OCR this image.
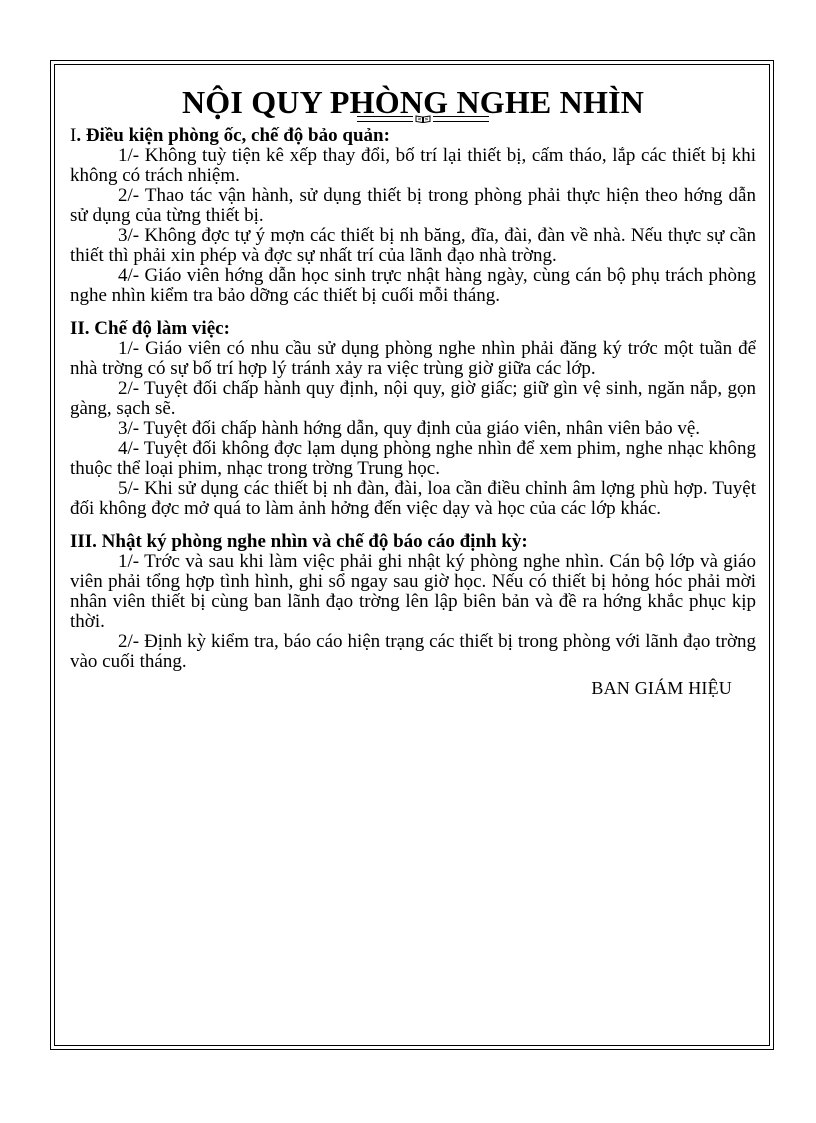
NỘI QUY PHÒNG NGHE NHÌN
I. Điều kiện phòng ốc, chế độ bảo quản:

1/- Không tuỳ tiện kê xếp thay đổi, bố trí lại thiết bị, cấm tháo, lắp các thiết bị khi không có trách nhiệm.

2/- Thao tác vận hành, sử dụng thiết bị trong phòng phải thực hiện theo hớng dẫn sử dụng của từng thiết bị.

3/- Không đợc tự ý mợn các thiết bị nh băng, đĩa, đài, đàn về nhà. Nếu thực sự cần thiết thì phải xin phép và đợc sự nhất trí của lãnh đạo nhà trờng.

4/- Giáo viên hớng dẫn học sinh trực nhật hàng ngày, cùng cán bộ phụ trách phòng nghe nhìn kiểm tra bảo dỡng các thiết bị cuối mỗi tháng.

II. Chế độ làm việc:

1/- Giáo viên có nhu cầu sử dụng phòng nghe nhìn phải đăng ký trớc một tuần để nhà trờng có sự bố trí hợp lý tránh xảy ra việc trùng giờ giữa các lớp.

2/- Tuyệt đối chấp hành quy định, nội quy, giờ giấc; giữ gìn vệ sinh, ngăn nắp, gọn gàng, sạch sẽ.

3/- Tuyệt đối chấp hành hớng dẫn, quy định của giáo viên, nhân viên bảo vệ.

4/- Tuyệt đối không đợc lạm dụng phòng nghe nhìn để xem phim, nghe nhạc không thuộc thể loại phim, nhạc trong trờng Trung học.

5/- Khi sử dụng các thiết bị nh đàn, đài, loa cần điều chỉnh âm lợng phù hợp. Tuyệt đối không đợc mở quá to làm ảnh hởng đến việc dạy và học của các lớp khác.

III. Nhật ký phòng nghe nhìn và chế độ báo cáo định kỳ:

1/- Trớc và sau khi làm việc phải ghi nhật ký phòng nghe nhìn. Cán bộ lớp và giáo viên phải tổng hợp tình hình, ghi sổ ngay sau giờ học. Nếu có thiết bị hỏng hóc phải mời nhân viên thiết bị cùng ban lãnh đạo trờng lên lập biên bản và đề ra hớng khắc phục kịp thời.

2/- Định kỳ kiểm tra, báo cáo hiện trạng các thiết bị trong phòng với lãnh đạo trờng vào cuối tháng.

BAN GIÁM HIỆU
